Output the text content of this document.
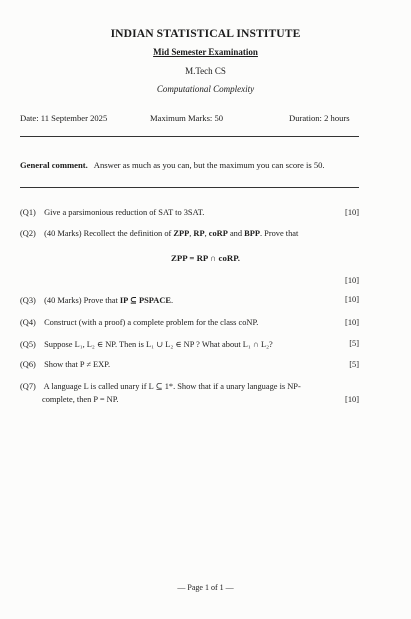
INDIAN STATISTICAL INSTITUTE
Mid Semester Examination
M.Tech CS
Computational Complexity
Date: 11 September 2025	Maximum Marks: 50	Duration: 2 hours
General comment. Answer as much as you can, but the maximum you can score is 50.
(Q1) Give a parsimonious reduction of SAT to 3SAT.	[10]
(Q2) (40 Marks) Recollect the definition of ZPP, RP, coRP and BPP. Prove that
ZPP = RP ∩ coRP.
[10]
(Q3) (40 Marks) Prove that IP ⊆ PSPACE.	[10]
(Q4) Construct (with a proof) a complete problem for the class coNP.	[10]
(Q5) Suppose L₁, L₂ ∈ NP. Then is L₁ ∪ L₂ ∈ NP ? What about L₁ ∩ L₂?	[5]
(Q6) Show that P ≠ EXP.	[5]
(Q7) A language L is called unary if L ⊆ 1*. Show that if a unary language is NP-
complete, then P = NP.	[10]
— Page 1 of 1 —
